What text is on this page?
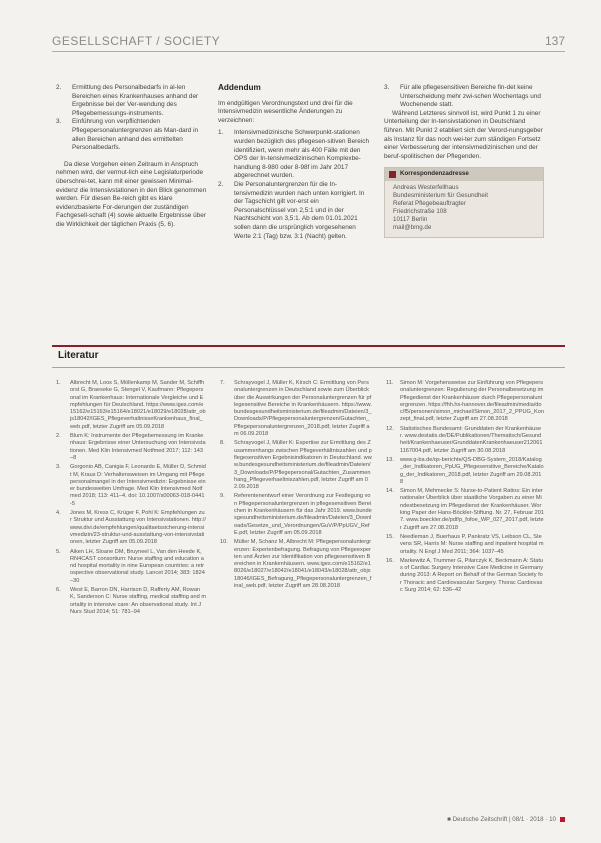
GESELLSCHAFT / SOCIETY	137
2. Ermittlung des Personalbedarfs in al-len Bereichen eines Krankenhauses anhand der Ergebnisse bei der Ver-wendung des Pflegebemessungs-instruments.
3. Einführung von verpflichtenden Pflegepersonaluntergrenzen als Man-dard in allen Bereichen anhand des ermittelten Personalbedarfs.

Da diese Vorgehen einen Zeitraum in Anspruch nehmen wird, der vermut-lich eine Legislaturperiode überschrei-tet, kann mit einer gewissen Minimal-evidenz die Intensivstationen in den Blick genommen werden. Für diesen Be-reich gibt es klare evidenzbasierte For-derungen der zuständigen Fachgesell-schaft (4) sowie aktuelle Ergebnisse über die Wirklichkeit der täglichen Praxis (5, 6).

Addendum

Im endgültigen Verordnungstext und drei für die Intensivmedizin wesentliche Änderungen zu verzeichnen:

1. Intensivmedizinische Schwerpunkt-stationen wurden bezüglich des pflegesen-sitiven Bereich identifiziert, wenn mehr als 400 Fälle mit den OPS der In-tensivmedizinischen Komplexbe-handlung 8-980 oder 8-98f im Jahr 2017 abgerechnet wurden.
2. Die Personaluntergrenzen für die In-tensivmedizin wurden nach unten korrigiert. In der Tagschicht gilt vor-erst ein Personalschlüssel von 2,5:1 und in der Nachtschicht von 3,5:1. Ab dem 01.01.2021 sollen dann die ursprünglich vorgesehenen Werte 2:1 (Tag) bzw. 3:1 (Nacht) gelten.
3. Für alle pflegesensitiven Bereiche fin-det keine Unterscheidung mehr zwi-schen Wochentags und Wochenende statt.

Während Letzteres sinnvoll ist, wird Punkt 1 zu einer Unterteilung der In-tensivstationen in Deutschland führen. Mit Punkt 2 etabliert sich der Verord-nungsgeber als Instanz für das noch wei-ter zum ständigen Fortsetz einer Verbesserung der intensivmedizinischen und der beruf-spolitischen der Pflegenden.

Korrespondenzadresse
Andreas Westerfellhaus
Bundesministerium für Gesundheit
Referat Pflegebeauftragter
Friedrichstraße 108
10117 Berlin
mail@bmg.de
Literatur
1. Albrecht M, Loos S, Möllenkamp M, Sander M, Schiffhorst G, Braeseke G, Stengel V, Kaufmann: Pflegepersonal im Krankenhaus: Internationale Vergleiche und Empfehlungen für Deutschland. https://www.iges.com/e15162/e15163/e15164/e18021/e18029/e18028/attr_objs18042/IGES_PflegeverhaltnisseKrankenhaus_final_web.pdf, letzter Zugriff am 05.09.2018
2. Blum K: Instrumente der Pflegebemessung im Krankenhaus: Ergebnisse einer Untersuchung von Intensivstationen. Med Klin Intensivmed Notfmed 2017; 112: 143–8
3. Gorgonio AB, Canigia F, Leonardo E, Müller D, Schmidt M, Kraus D: Verhaltensweisen im Umgang mit Pflegepersonalmangel in der Intensivmedizin: Ergebnisse einer bundesweiten Umfrage. Med Klin Intensivmed Notfmed 2018; 113: 411–4. doi: 10.1007/s00063-018-0441-5
4. Jones M, Kress C, Krüger F, Pohl K: Empfehlungen zur Struktur und Ausstattung von Intensivstationen. http://www.divi.de/empfehlungen/qualitaetssicherung-intensivmedizin/23-struktur-und-ausstattung-von-intensivstationen, letzter Zugriff am 05.09.2018
5. Aiken LH, Sloane DM, Bruyneel L, Van den Heede K, RN4CAST consortium: Nurse staffing and education and hospital mortality in nine European countries: a retrospective observational study. Lancet 2014; 383: 1824–30
6. West E, Barron DN, Harrison D, Rafferty AM, Rowan K, Sanderson C: Nurse staffing, medical staffing and mortality in intensive care: An observational study. Int J Nurs Stud 2014; 51: 781–94
7. Schrayvogel J, Müller K, Kirsch C: Ermittlung von Personaluntergrenzen in Deutschland sowie zum Überblick über die Auswirkungen der Personaluntergrenzen für pflegesensitive Bereiche in Krankenhäusern. https://www.bundesgesundheitsministerium.de/fileadmin/Dateien/3_Downloads/P/Pflegepersonaluntergrenzen/Gutachten_Pflegepersonaluntergrenzen_2018.pdf, letzter Zugriff am 06.09.2018
8. Schrayvogel J, Müller K: Expertise zur Ermittlung des Zusammenhangs zwischen Pflegeverhältniszahlen und pflegesensitiven Ergebnisindikatoren in Deutschland. www.bundesgesundheitsministerium.de/fileadmin/Dateien/3_Downloads/P/Pflegepersonal/Gutachten_Zusammenhang_Pflegeverhaeltniszahlen.pdf, letzter Zugriff am 02.09.2018
9. Referentenentwurf einer Verordnung zur Festlegung von Pflegepersonaluntergrenzen in pflegesensitiven Bereichen in Krankenhäusern für das Jahr 2019. www.bundesgesundheitsministerium.de/fileadmin/Dateien/3_Downloads/Gesetze_und_Verordnungen/GuV/P/PpUGV_RefE.pdf, letzter Zugriff am 05.09.2018
10. Müller M, Schanz M, Albrecht M: Pflegepersonaluntergrenzen: Expertenbefragung. Befragung von Pflegeexperten und Ärzten zur Identifikation von pflegesensitiven Bereichen in Krankenhäusern. www.iges.com/e15162/e18026/e18027/e18042/e18041/e18043/e18028/attr_objs18046/IGES_Befragung_Pflegepersonaluntergrenzen_final_web.pdf, letzter Zugriff am 28.08.2018
11. Simon M: Vorgehensweise zur Einführung von Pflegepersonaluntergrenzen: Regulierung der Personalbesetzung im Pflegedienst der Krankenhäuser durch Pflegepersonaluntergrenzen. https://fhh.hs-hannover.de/fileadmin/media/doc/f5/personen/simon_michael/Simon_2017_2_PPUG_Konzept_final.pdf, letzter Zugriff am 27.08.2018
12. Statistisches Bundesamt: Grunddaten der Krankenhäuser. www.destatis.de/DE/Publikationen/Thematisch/Gesundheit/Krankenhaeuser/GrunddatenKrankenhaeuser2120611167004.pdf, letzter Zugriff am 30.08.2018
13. www.g-ba.de/qs-berichte/QS-DBG-System_2018/Katalog_der_Indikatoren_PpUG_Pflegesensitive_Bereiche/Katalog_der_Indikatoren_2018.pdf, letzter Zugriff am 29.08.2018
14. Simon M, Mehmecke S: Nurse-to-Patient Ratios: Ein internationaler Überblick über staatliche Vorgaben zu einer Mindestbesetzung im Pflegedienst der Krankenhäuser. Working Paper der Hans-Böckler-Stiftung. Nr. 27, Februar 2017. www.boeckler.de/pdf/p_fofoe_WP_027_2017.pdf, letzter Zugriff am 27.08.2018
15. Needleman J, Buerhaus P, Pankratz VS, Leibson CL, Stevens SR, Harris M: Nurse staffing and inpatient hospital mortality. N Engl J Med 2011; 364: 1037–45
16. Markewitz A, Trummer G, Pilarczyk K, Beckmann A: Status of Cardiac Surgery Intensive Care Medicine in Germany during 2013: A Report on Behalf of the German Society for Thoracic and Cardiovascular Surgery. Thorac Cardiovasc Surg 2014; 62: 536–42
■ Deutsche Zeitschrift | 08/1 · 2018 · 10
